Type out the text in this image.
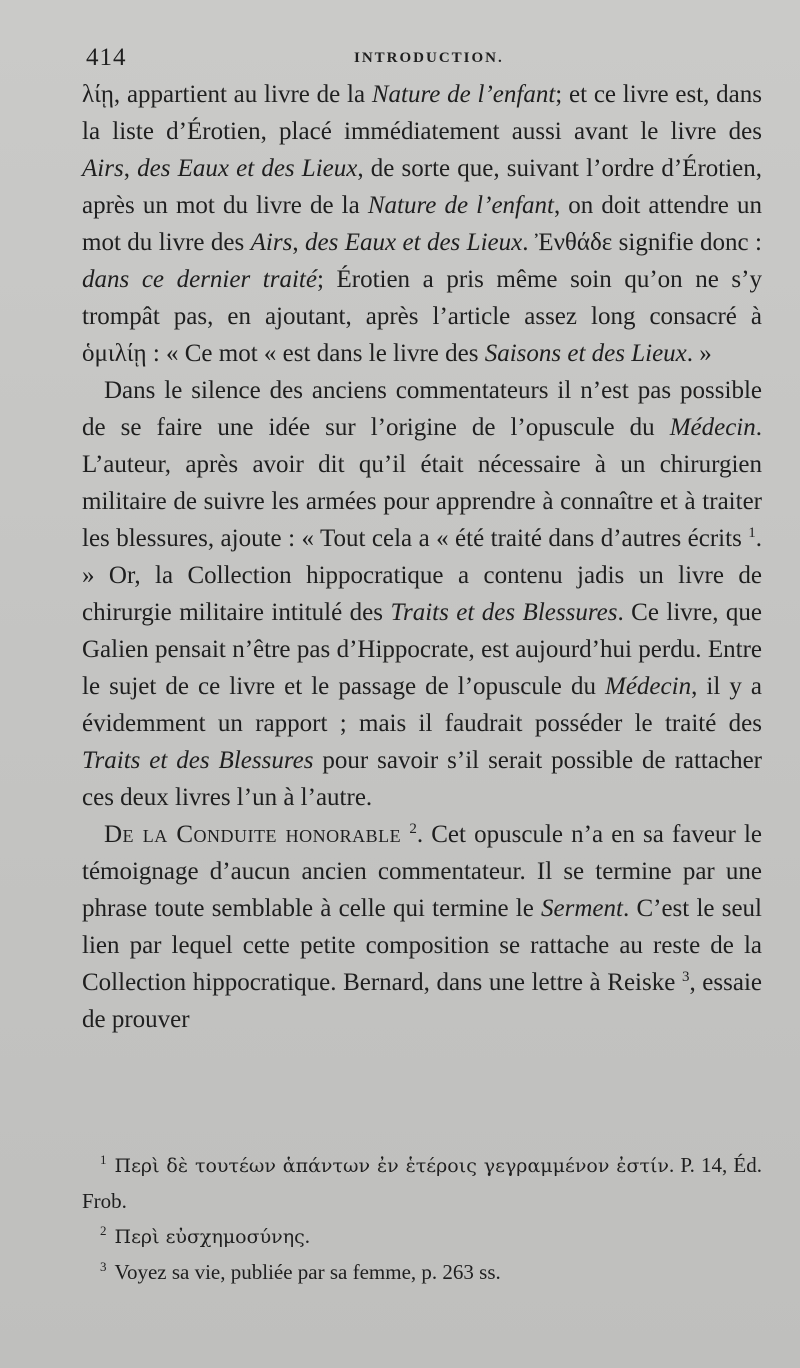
414	INTRODUCTION.

λίῃ, appartient au livre de la Nature de l’enfant; et ce livre est, dans la liste d’Érotien, placé immédiatement aussi avant le livre des Airs, des Eaux et des Lieux, de sorte que, suivant l’ordre d’Érotien, après un mot du livre de la Nature de l’enfant, on doit attendre un mot du livre des Airs, des Eaux et des Lieux. Ἐνθάδε signifie donc : dans ce dernier traité; Érotien a pris même soin qu’on ne s’y trompât pas, en ajoutant, après l’article assez long consacré à ὁμιλίῃ : « Ce mot « est dans le livre des Saisons et des Lieux. »

Dans le silence des anciens commentateurs il n’est pas possible de se faire une idée sur l’origine de l’opuscule du Médecin. L’auteur, après avoir dit qu’il était nécessaire à un chirurgien militaire de suivre les armées pour apprendre à connaître et à traiter les blessures, ajoute : « Tout cela a « été traité dans d’autres écrits $^1$. » Or, la Collection hippocratique a contenu jadis un livre de chirurgie militaire intitulé des Traits et des Blessures. Ce livre, que Galien pensait n’être pas d’Hippocrate, est aujourd’hui perdu. Entre le sujet de ce livre et le passage de l’opuscule du Médecin, il y a évidemment un rapport ; mais il faudrait posséder le traité des Traits et des Blessures pour savoir s’il serait possible de rattacher ces deux livres l’un à l’autre.

De la Conduite honorable $^2$. Cet opuscule n’a en sa faveur le témoignage d’aucun ancien commentateur. Il se termine par une phrase toute semblable à celle qui termine le Serment. C’est le seul lien par lequel cette petite composition se rattache au reste de la Collection hippocratique. Bernard, dans une lettre à Reiske $^3$, essaie de prouver

$^1$ Περὶ δὲ τουτέων ἁπάντων ἐν ἑτέροις γεγραμμένον ἐστίν. P. 14, Éd. Frob.

$^2$ Περὶ εὐσχημοσύνης.

$^3$ Voyez sa vie, publiée par sa femme, p. 263 ss.
